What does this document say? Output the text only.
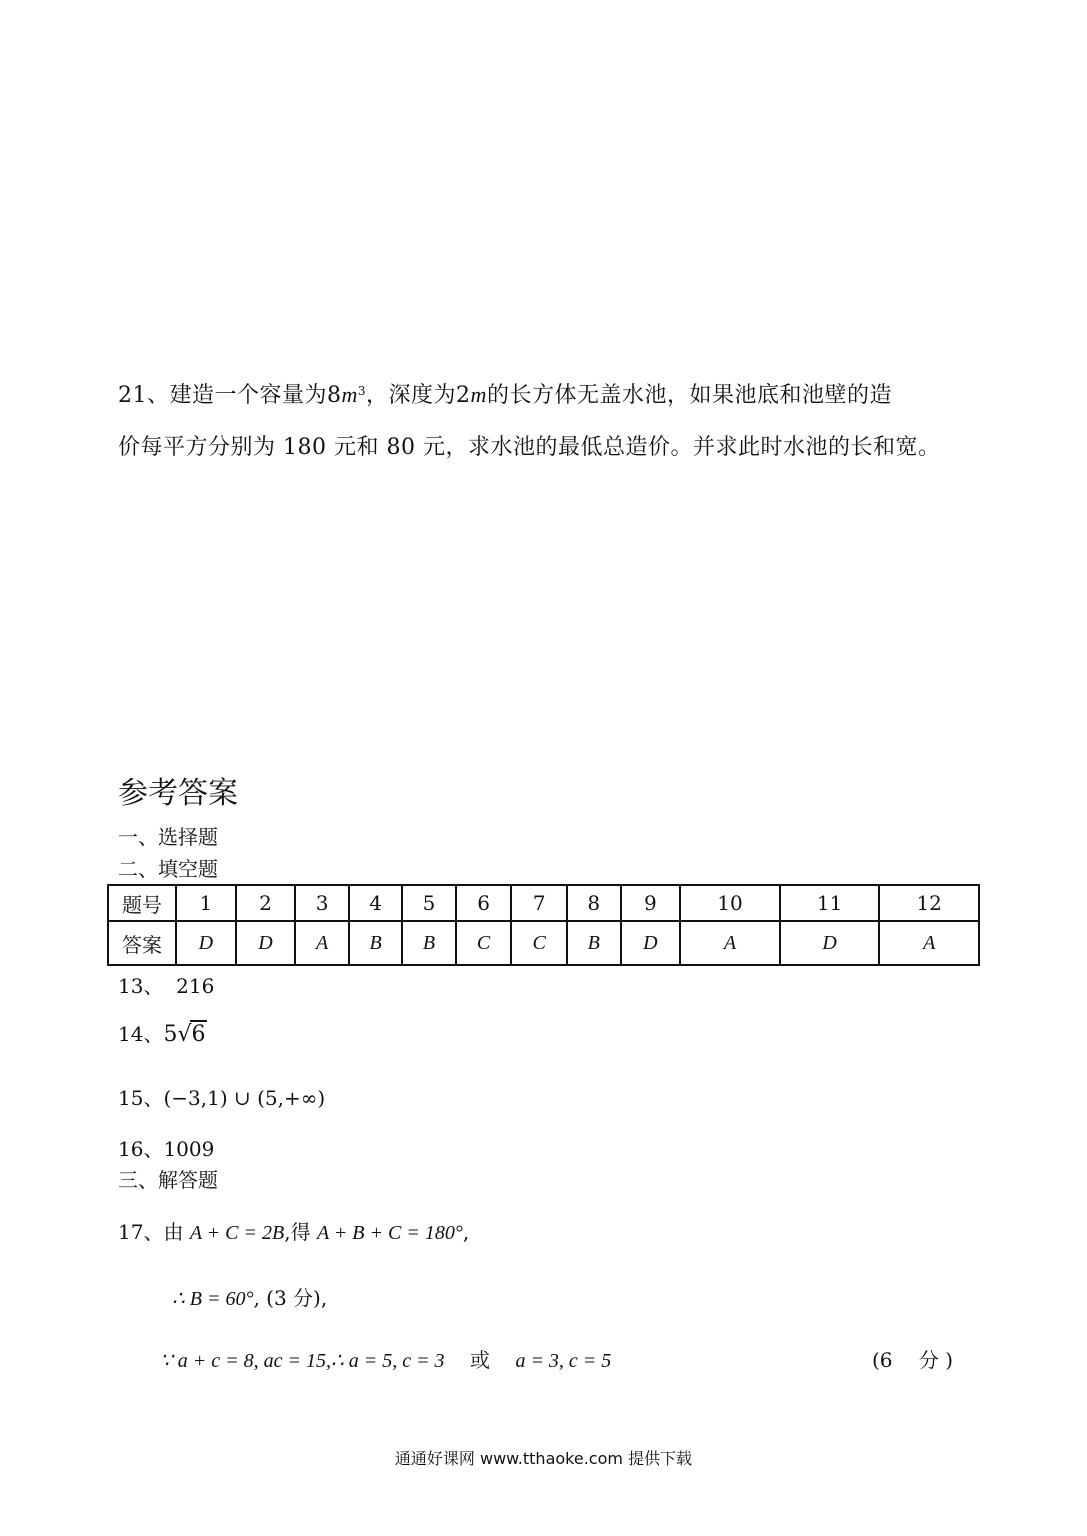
21、建造一个容量为$8m^3$，深度为2m的长方体无盖水池，如果池底和池壁的造
价每平方分别为 180 元和 80 元，求水池的最低总造价。并求此时水池的长和宽。
参考答案
一、选择题
二、填空题
题号	1	2	3	4	5	6	7	8	9	10	11	12
答案	D	D	A	B	B	C	C	B	D	A	D	A
13、 216
14、5√6
15、(−3,1) ∪ (5,+∞)
16、1009
三、解答题
17、由 A + C = 2B,得 A + B + C = 180°,
∴ B = 60°, (3 分),
∵ a + c = 8, ac = 15,∴ a = 5, c = 3 或 a = 3, c = 5	(6　 分 )
通通好课网 www.tthaoke.com 提供下载
